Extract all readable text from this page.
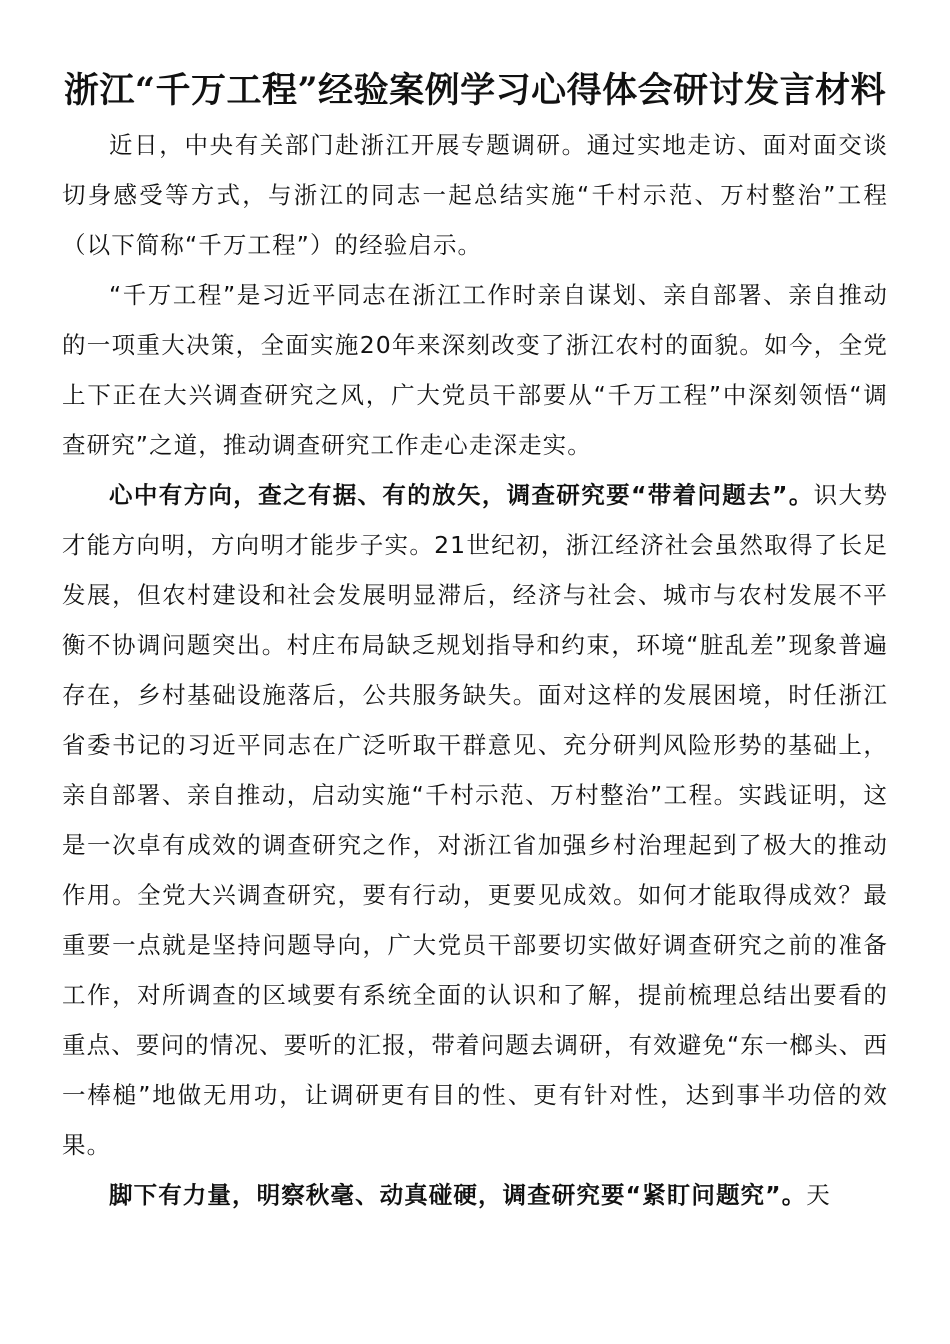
浙江“千万工程”经验案例学习心得体会研讨发言材料

近日，中央有关部门赴浙江开展专题调研。通过实地走访、面对面交谈切身感受等方式，与浙江的同志一起总结实施“千村示范、万村整治”工程（以下简称“千万工程”）的经验启示。

“千万工程”是习近平同志在浙江工作时亲自谋划、亲自部署、亲自推动的一项重大决策，全面实施20年来深刻改变了浙江农村的面貌。如今，全党上下正在大兴调查研究之风，广大党员干部要从“千万工程”中深刻领悟“调查研究”之道，推动调查研究工作走心走深走实。

心中有方向，查之有据、有的放矢，调查研究要“带着问题去”。识大势才能方向明，方向明才能步子实。21世纪初，浙江经济社会虽然取得了长足发展，但农村建设和社会发展明显滞后，经济与社会、城市与农村发展不平衡不协调问题突出。村庄布局缺乏规划指导和约束，环境“脏乱差”现象普遍存在，乡村基础设施落后，公共服务缺失。面对这样的发展困境，时任浙江省委书记的习近平同志在广泛听取干群意见、充分研判风险形势的基础上，亲自部署、亲自推动，启动实施“千村示范、万村整治”工程。实践证明，这是一次卓有成效的调查研究之作，对浙江省加强乡村治理起到了极大的推动作用。全党大兴调查研究，要有行动，更要见成效。如何才能取得成效？最重要一点就是坚持问题导向，广大党员干部要切实做好调查研究之前的准备工作，对所调查的区域要有系统全面的认识和了解，提前梳理总结出要看的重点、要问的情况、要听的汇报，带着问题去调研，有效避免“东一榔头、西一棒槌”地做无用功，让调研更有目的性、更有针对性，达到事半功倍的效果。

脚下有力量，明察秋毫、动真碰硬，调查研究要“紧盯问题究”。天
